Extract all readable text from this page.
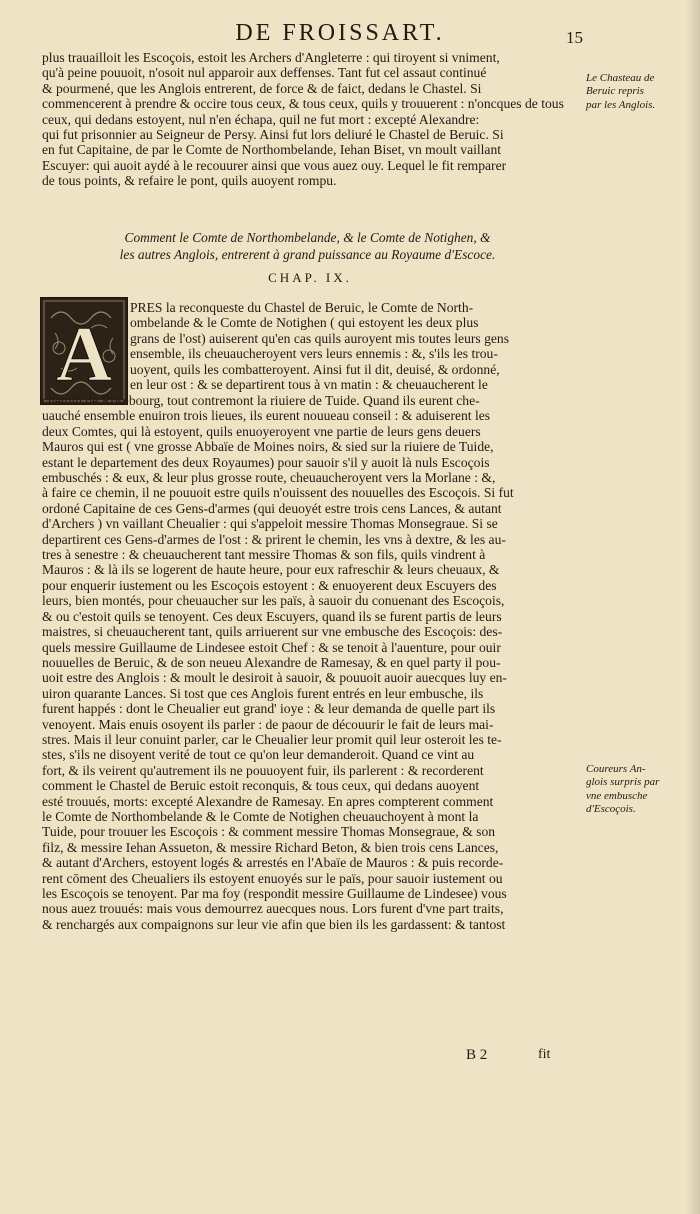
DE FROISSART.	15
plus trauailloit les Escoçois, estoit les Archers d'Angleterre : qui tiroyent si vniment,
qu'à peine pouuoit, n'osoit nul apparoir aux deffenses. Tant fut cel assaut continué
& pourmené, que les Anglois entrerent, de force & de faict, dedans le Chastel. Si
commencerent à prendre & occire tous ceux, & tous ceux, quils y trouuerent : n'oncques de tous
ceux, qui dedans estoyent, nul n'en échapa, quil ne fut mort : excepté Alexandre:
qui fut prisonnier au Seigneur de Persy. Ainsi fut lors deliuré le Chastel de Beruic. Si
en fut Capitaine, de par le Comte de Northombelande, Iehan Biset, vn moult vaillant
Escuyer: qui auoit aydé à le recouurer ainsi que vous auez ouy. Lequel le fit remparer
de tous points, & refaire le pont, quils auoyent rompu.
Comment le Comte de Northombelande, & le Comte de Notighen, &
les autres Anglois, entrerent à grand puissance au Royaume d'Escoce.
CHAP. IX.
A
PRES la reconqueste du Chastel de Beruic, le Comte de North-
ombelande & le Comte de Notighen ( qui estoyent les deux plus
grans de l'ost) auiserent qu'en cas quils auroyent mis toutes leurs gens
ensemble, ils cheuaucheroyent vers leurs ennemis : &, s'ils les trou-
uoyent, quils les combatteroyent. Ainsi fut il dit, deuisé, & ordonné,
en leur ost : & se departirent tous à vn matin : & cheuaucherent le
chemin de Rosebourg, tout contremont la riuiere de Tuide. Quand ils eurent che-
uauché ensemble enuiron trois lieues, ils eurent nouueau conseil : & aduiserent les
deux Comtes, qui là estoyent, quils enuoyeroyent vne partie de leurs gens deuers
Mauros qui est ( vne grosse Abbaïe de Moines noirs, & sied sur la riuiere de Tuide,
estant le departement des deux Royaumes) pour sauoir s'il y auoit là nuls Escoçois
embuschés : & eux, & leur plus grosse route, cheuaucheroyent vers la Morlane : &,
à faire ce chemin, il ne pouuoit estre quils n'ouissent des nouuelles des Escoçois. Si fut
ordoné Capitaine de ces Gens-d'armes (qui deuoyét estre trois cens Lances, & autant
d'Archers ) vn vaillant Cheualier : qui s'appeloit messire Thomas Monsegraue. Si se
departirent ces Gens-d'armes de l'ost : & prirent le chemin, les vns à dextre, & les au-
tres à senestre : & cheuaucherent tant messire Thomas & son fils, quils vindrent à
Mauros : & là ils se logerent de haute heure, pour eux rafreschir & leurs cheuaux, &
pour enquerir iustement ou les Escoçois estoyent : & enuoyerent deux Escuyers des
leurs, bien montés, pour cheuaucher sur les païs, à sauoir du conuenant des Escoçois,
& ou c'estoit quils se tenoyent. Ces deux Escuyers, quand ils se furent partis de leurs
maistres, si cheuaucherent tant, quils arriuerent sur vne embusche des Escoçois: des-
quels messire Guillaume de Lindesee estoit Chef : & se tenoit à l'auenture, pour ouir
nouuelles de Beruic, & de son neueu Alexandre de Ramesay, & en quel party il pou-
uoit estre des Anglois : & moult le desiroit à sauoir, & pouuoit auoir auecques luy en-
uiron quarante Lances. Si tost que ces Anglois furent entrés en leur embusche, ils
furent happés : dont le Cheualier eut grand' ioye : & leur demanda de quelle part ils
venoyent. Mais enuis osoyent ils parler : de paour de découurir le fait de leurs mai-
stres. Mais il leur conuint parler, car le Cheualier leur promit quil leur osteroit les te-
stes, s'ils ne disoyent verité de tout ce qu'on leur demanderoit. Quand ce vint au
fort, & ils veirent qu'autrement ils ne pouuoyent fuir, ils parlerent : & recorderent
comment le Chastel de Beruic estoit reconquis, & tous ceux, qui dedans auoyent
esté trouués, morts: excepté Alexandre de Ramesay. En apres compterent comment
le Comte de Northombelande & le Comte de Notighen cheuauchoyent à mont la
Tuide, pour trouuer les Escoçois : & comment messire Thomas Monsegraue, & son
filz, & messire Iehan Assueton, & messire Richard Beton, & bien trois cens Lances,
& autant d'Archers, estoyent logés & arrestés en l'Abaïe de Mauros : & puis recorde-
rent cōment des Cheualiers ils estoyent enuoyés sur le païs, pour sauoir iustement ou
les Escoçois se tenoyent. Par ma foy (respondit messire Guillaume de Lindesee) vous
nous auez trouués: mais vous demourrez auecques nous. Lors furent d'vne part traits,
& renchargés aux compaignons sur leur vie afin que bien ils les gardassent: & tantost
Le Chasteau de
Beruic repris
par les Anglois.
Coureurs An-
glois surpris par
vne embusche
d'Escoçois.
B 2	fit
